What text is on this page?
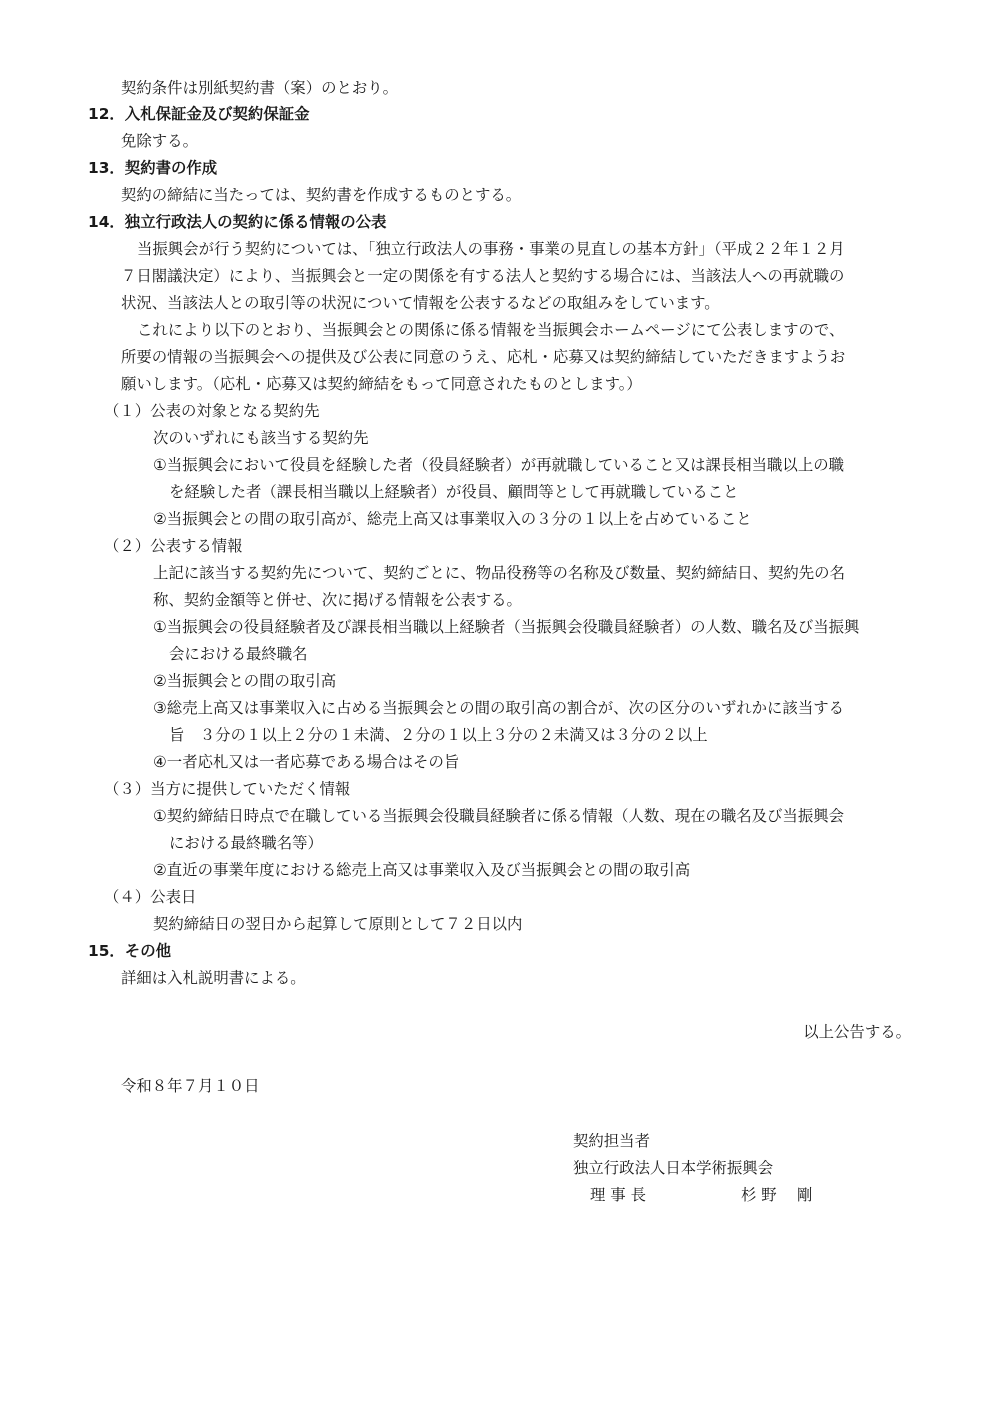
契約条件は別紙契約書（案）のとおり。
12．入札保証金及び契約保証金
免除する。
13．契約書の作成
契約の締結に当たっては、契約書を作成するものとする。
14．独立行政法人の契約に係る情報の公表
当振興会が行う契約については、「独立行政法人の事務・事業の見直しの基本方針」（平成２２年１２月
７日閣議決定）により、当振興会と一定の関係を有する法人と契約する場合には、当該法人への再就職の
状況、当該法人との取引等の状況について情報を公表するなどの取組みをしています。
これにより以下のとおり、当振興会との関係に係る情報を当振興会ホームページにて公表しますので、
所要の情報の当振興会への提供及び公表に同意のうえ、応札・応募又は契約締結していただきますようお
願いします。（応札・応募又は契約締結をもって同意されたものとします。）
（１）公表の対象となる契約先
次のいずれにも該当する契約先
①当振興会において役員を経験した者（役員経験者）が再就職していること又は課長相当職以上の職
を経験した者（課長相当職以上経験者）が役員、顧問等として再就職していること
②当振興会との間の取引高が、総売上高又は事業収入の３分の１以上を占めていること
（２）公表する情報
上記に該当する契約先について、契約ごとに、物品役務等の名称及び数量、契約締結日、契約先の名
称、契約金額等と併せ、次に掲げる情報を公表する。
①当振興会の役員経験者及び課長相当職以上経験者（当振興会役職員経験者）の人数、職名及び当振興
会における最終職名
②当振興会との間の取引高
③総売上高又は事業収入に占める当振興会との間の取引高の割合が、次の区分のいずれかに該当する
旨　３分の１以上２分の１未満、２分の１以上３分の２未満又は３分の２以上
④一者応札又は一者応募である場合はその旨
（３）当方に提供していただく情報
①契約締結日時点で在職している当振興会役職員経験者に係る情報（人数、現在の職名及び当振興会
における最終職名等）
②直近の事業年度における総売上高又は事業収入及び当振興会との間の取引高
（４）公表日
契約締結日の翌日から起算して原則として７２日以内
15．その他
詳細は入札説明書による。
以上公告する。
令和８年７月１０日
契約担当者
独立行政法人日本学術振興会
理 事 長	杉 野　 剛
